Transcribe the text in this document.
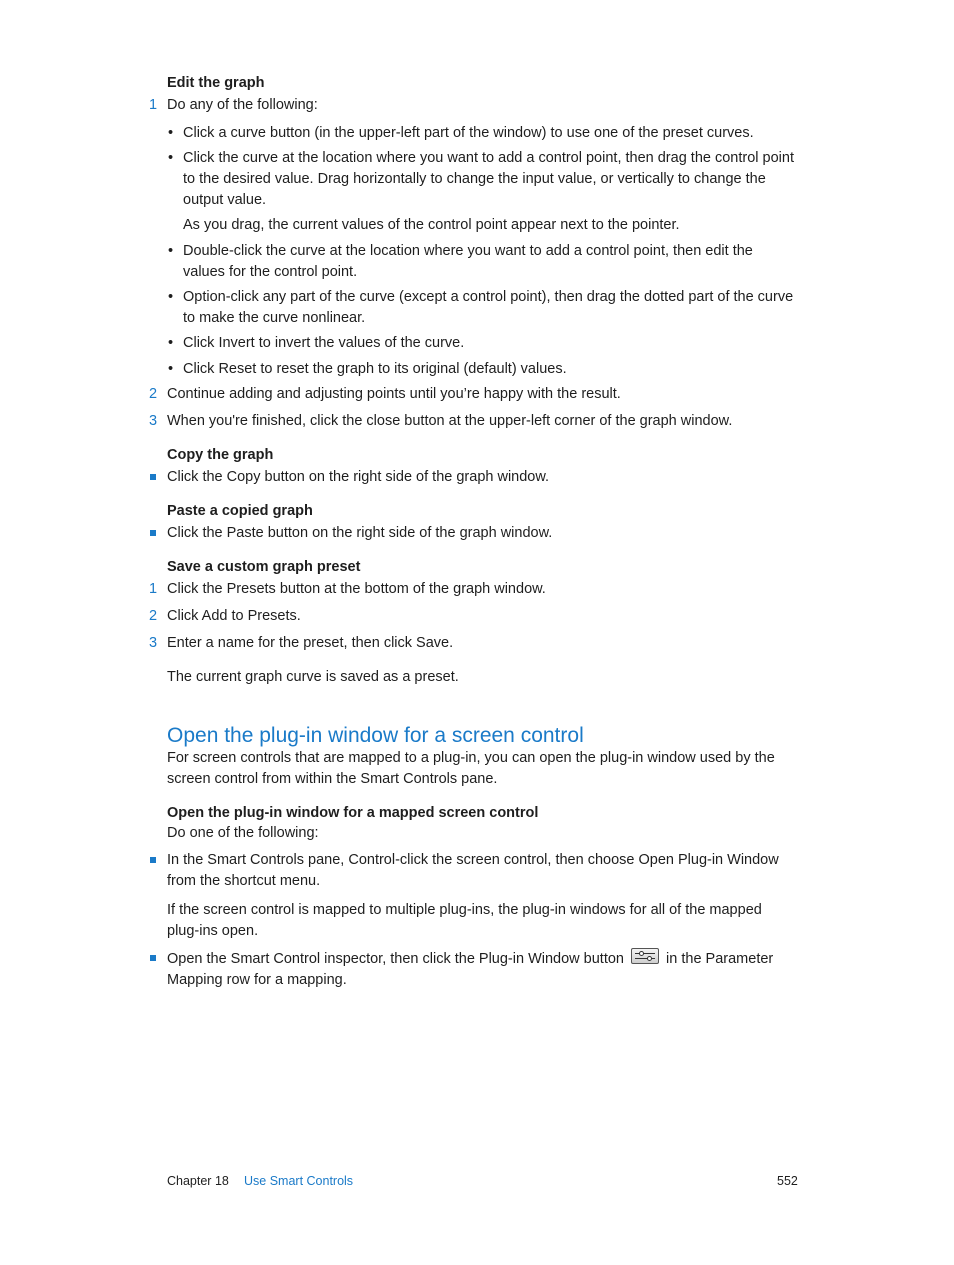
Edit the graph
1 Do any of the following:
• Click a curve button (in the upper-left part of the window) to use one of the preset curves.
• Click the curve at the location where you want to add a control point, then drag the control point to the desired value. Drag horizontally to change the input value, or vertically to change the output value.
As you drag, the current values of the control point appear next to the pointer.
• Double-click the curve at the location where you want to add a control point, then edit the values for the control point.
• Option-click any part of the curve (except a control point), then drag the dotted part of the curve to make the curve nonlinear.
• Click Invert to invert the values of the curve.
• Click Reset to reset the graph to its original (default) values.
2 Continue adding and adjusting points until you’re happy with the result.
3 When you're finished, click the close button at the upper-left corner of the graph window.
Copy the graph
Click the Copy button on the right side of the graph window.
Paste a copied graph
Click the Paste button on the right side of the graph window.
Save a custom graph preset
1 Click the Presets button at the bottom of the graph window.
2 Click Add to Presets.
3 Enter a name for the preset, then click Save.
The current graph curve is saved as a preset.
Open the plug-in window for a screen control
For screen controls that are mapped to a plug-in, you can open the plug-in window used by the screen control from within the Smart Controls pane.
Open the plug-in window for a mapped screen control
Do one of the following:
In the Smart Controls pane, Control-click the screen control, then choose Open Plug-in Window from the shortcut menu.
If the screen control is mapped to multiple plug-ins, the plug-in windows for all of the mapped plug-ins open.
Open the Smart Control inspector, then click the Plug-in Window button	in the Parameter Mapping row for a mapping.
Chapter 18 Use Smart Controls	552
